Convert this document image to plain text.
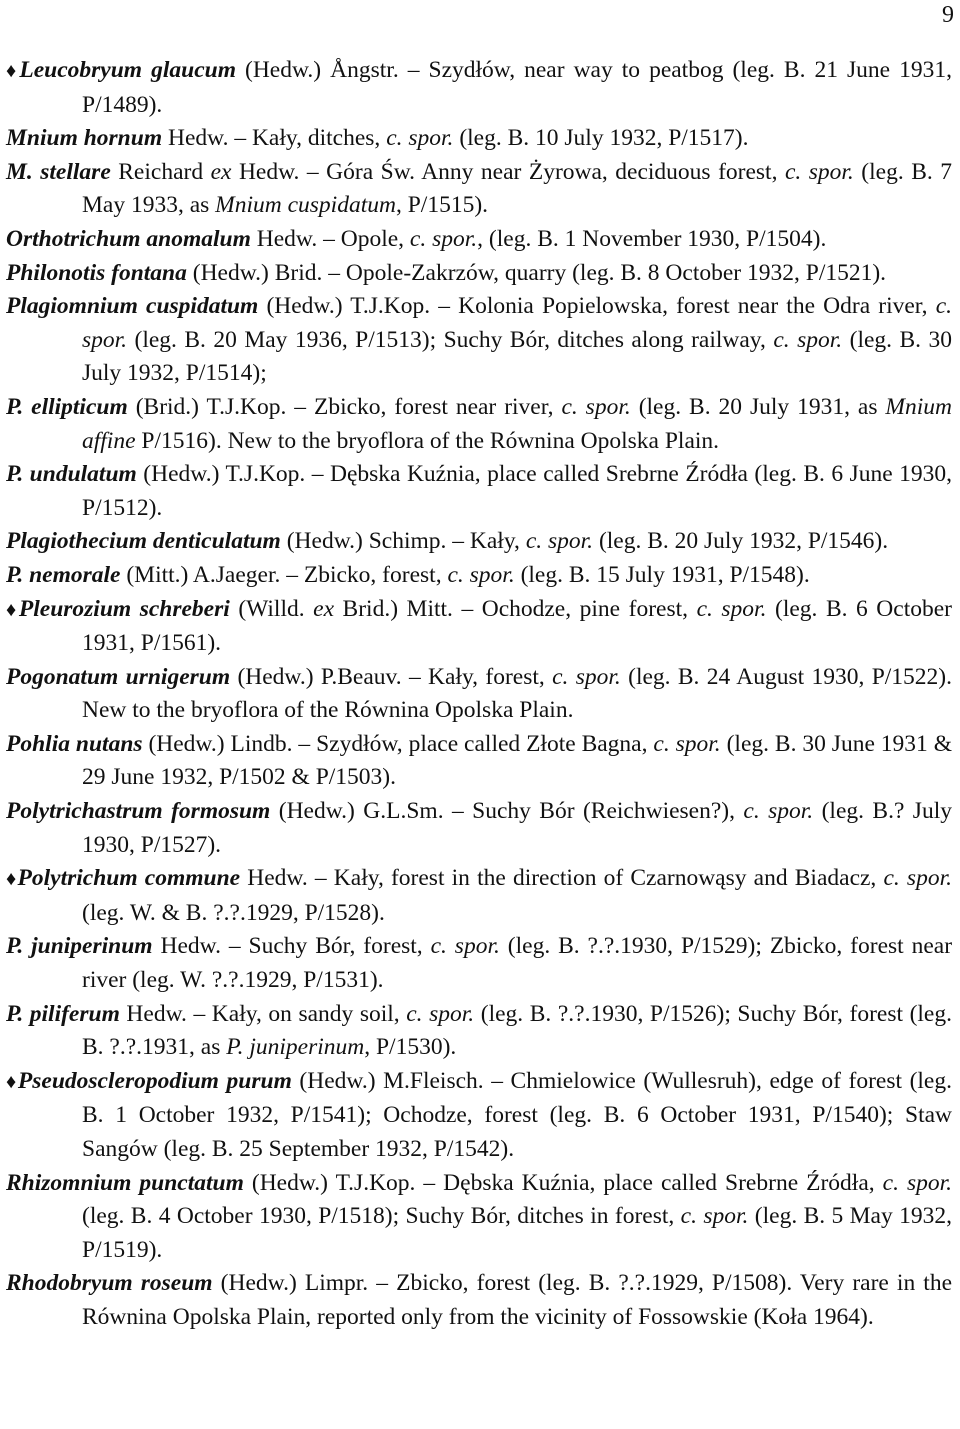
9
♦Leucobryum glaucum (Hedw.) Ångstr. – Szydłów, near way to peatbog (leg. B. 21 June 1931, P/1489).
Mnium hornum Hedw. – Kały, ditches, c. spor. (leg. B. 10 July 1932, P/1517).
M. stellare Reichard ex Hedw. – Góra Św. Anny near Żyrowa, deciduous forest, c. spor. (leg. B. 7 May 1933, as Mnium cuspidatum, P/1515).
Orthotrichum anomalum Hedw. – Opole, c. spor., (leg. B. 1 November 1930, P/1504).
Philonotis fontana (Hedw.) Brid. – Opole-Zakrzów, quarry (leg. B. 8 October 1932, P/1521).
Plagiomnium cuspidatum (Hedw.) T.J.Kop. – Kolonia Popielowska, forest near the Odra river, c. spor. (leg. B. 20 May 1936, P/1513); Suchy Bór, ditches along railway, c. spor. (leg. B. 30 July 1932, P/1514);
P. ellipticum (Brid.) T.J.Kop. – Zbicko, forest near river, c. spor. (leg. B. 20 July 1931, as Mnium affine P/1516). New to the bryoflora of the Równina Opolska Plain.
P. undulatum (Hedw.) T.J.Kop. – Dębska Kuźnia, place called Srebrne Źródła (leg. B. 6 June 1930, P/1512).
Plagiothecium denticulatum (Hedw.) Schimp. – Kały, c. spor. (leg. B. 20 July 1932, P/1546).
P. nemorale (Mitt.) A.Jaeger. – Zbicko, forest, c. spor. (leg. B. 15 July 1931, P/1548).
♦Pleurozium schreberi (Willd. ex Brid.) Mitt. – Ochodze, pine forest, c. spor. (leg. B. 6 October 1931, P/1561).
Pogonatum urnigerum (Hedw.) P.Beauv. – Kały, forest, c. spor. (leg. B. 24 August 1930, P/1522). New to the bryoflora of the Równina Opolska Plain.
Pohlia nutans (Hedw.) Lindb. – Szydłów, place called Złote Bagna, c. spor. (leg. B. 30 June 1931 & 29 June 1932, P/1502 & P/1503).
Polytrichastrum formosum (Hedw.) G.L.Sm. – Suchy Bór (Reichwiesen?), c. spor. (leg. B.? July 1930, P/1527).
♦Polytrichum commune Hedw. – Kały, forest in the direction of Czarnowąsy and Biadacz, c. spor. (leg. W. & B. ?.?.1929, P/1528).
P. juniperinum Hedw. – Suchy Bór, forest, c. spor. (leg. B. ?.?.1930, P/1529); Zbicko, forest near river (leg. W. ?.?.1929, P/1531).
P. piliferum Hedw. – Kały, on sandy soil, c. spor. (leg. B. ?.?.1930, P/1526); Suchy Bór, forest (leg. B. ?.?.1931, as P. juniperinum, P/1530).
♦Pseudoscleropodium purum (Hedw.) M.Fleisch. – Chmielowice (Wullesruh), edge of forest (leg. B. 1 October 1932, P/1541); Ochodze, forest (leg. B. 6 October 1931, P/1540); Staw Sangów (leg. B. 25 September 1932, P/1542).
Rhizomnium punctatum (Hedw.) T.J.Kop. – Dębska Kuźnia, place called Srebrne Źródła, c. spor. (leg. B. 4 October 1930, P/1518); Suchy Bór, ditches in forest, c. spor. (leg. B. 5 May 1932, P/1519).
Rhodobryum roseum (Hedw.) Limpr. – Zbicko, forest (leg. B. ?.?.1929, P/1508). Very rare in the Równina Opolska Plain, reported only from the vicinity of Fossowskie (Koła 1964).
